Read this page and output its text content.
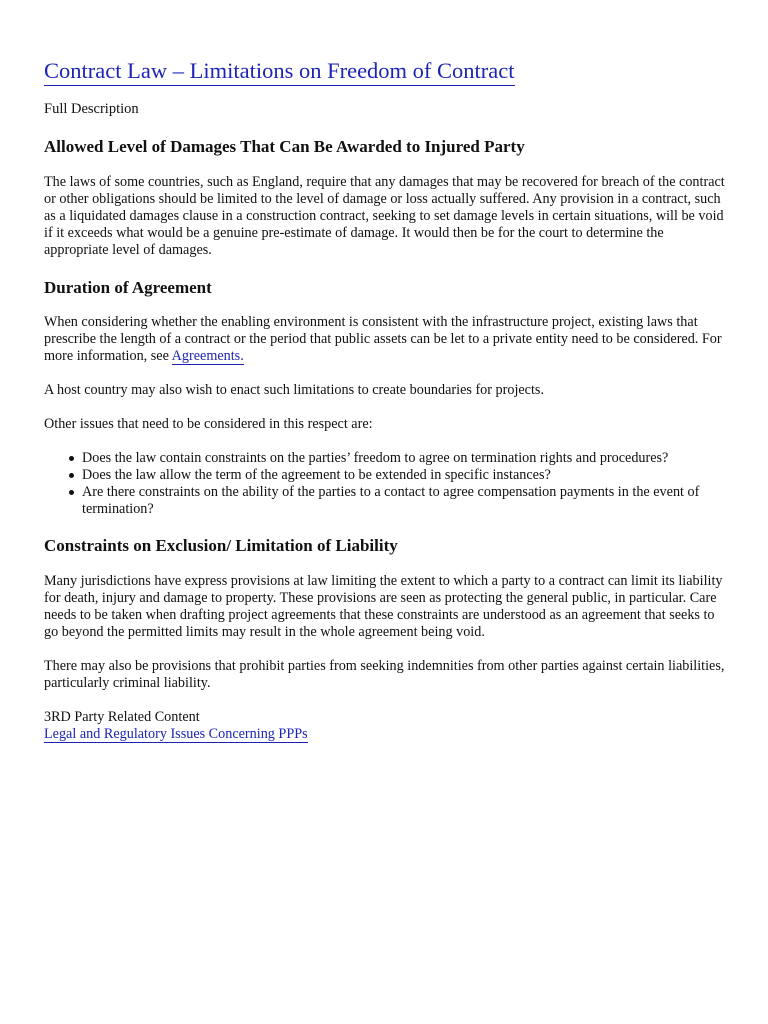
Contract Law – Limitations on Freedom of Contract

Full Description

Allowed Level of Damages That Can Be Awarded to Injured Party

The laws of some countries, such as England, require that any damages that may be recovered for breach of the contract or other obligations should be limited to the level of damage or loss actually suffered. Any provision in a contract, such as a liquidated damages clause in a construction contract, seeking to set damage levels in certain situations, will be void if it exceeds what would be a genuine pre-estimate of damage. It would then be for the court to determine the appropriate level of damages.

Duration of Agreement

When considering whether the enabling environment is consistent with the infrastructure project, existing laws that prescribe the length of a contract or the period that public assets can be let to a private entity need to be considered. For more information, see Agreements.

A host country may also wish to enact such limitations to create boundaries for projects.

Other issues that need to be considered in this respect are:

Does the law contain constraints on the parties’ freedom to agree on termination rights and procedures?
Does the law allow the term of the agreement to be extended in specific instances?
Are there constraints on the ability of the parties to a contact to agree compensation payments in the event of termination?
Constraints on Exclusion/ Limitation of Liability

Many jurisdictions have express provisions at law limiting the extent to which a party to a contract can limit its liability for death, injury and damage to property. These provisions are seen as protecting the general public, in particular. Care needs to be taken when drafting project agreements that these constraints are understood as an agreement that seeks to go beyond the permitted limits may result in the whole agreement being void.

There may also be provisions that prohibit parties from seeking indemnities from other parties against certain liabilities, particularly criminal liability.

3RD Party Related Content

Legal and Regulatory Issues Concerning PPPs
